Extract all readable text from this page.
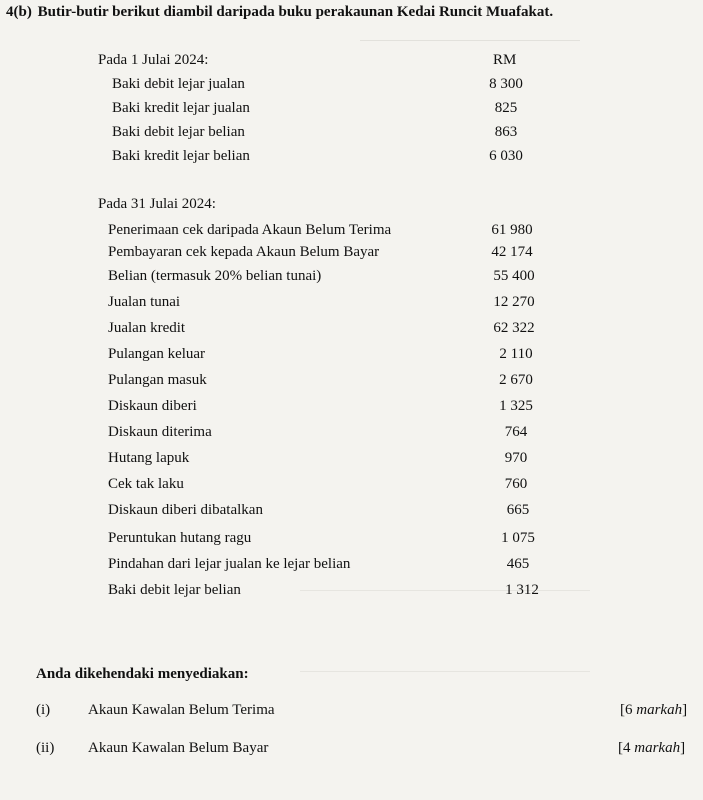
4(b) Butir-butir berikut diambil daripada buku perakaunan Kedai Runcit Muafakat.
Pada 1 Julai 2024:	RM
Baki debit lejar jualan	8 300
Baki kredit lejar jualan	825
Baki debit lejar belian	863
Baki kredit lejar belian	6 030
Pada 31 Julai 2024:
Penerimaan cek daripada Akaun Belum Terima	61 980
Pembayaran cek kepada Akaun Belum Bayar	42 174
Belian (termasuk 20% belian tunai)	55 400
Jualan tunai	12 270
Jualan kredit	62 322
Pulangan keluar	2 110
Pulangan masuk	2 670
Diskaun diberi	1 325
Diskaun diterima	764
Hutang lapuk	970
Cek tak laku	760
Diskaun diberi dibatalkan	665
Peruntukan hutang ragu	1 075
Pindahan dari lejar jualan ke lejar belian	465
Baki debit lejar belian	1 312
Anda dikehendaki menyediakan:
(i)	Akaun Kawalan Belum Terima	[6 markah]
(ii) Akaun Kawalan Belum Bayar	[4 markah]
